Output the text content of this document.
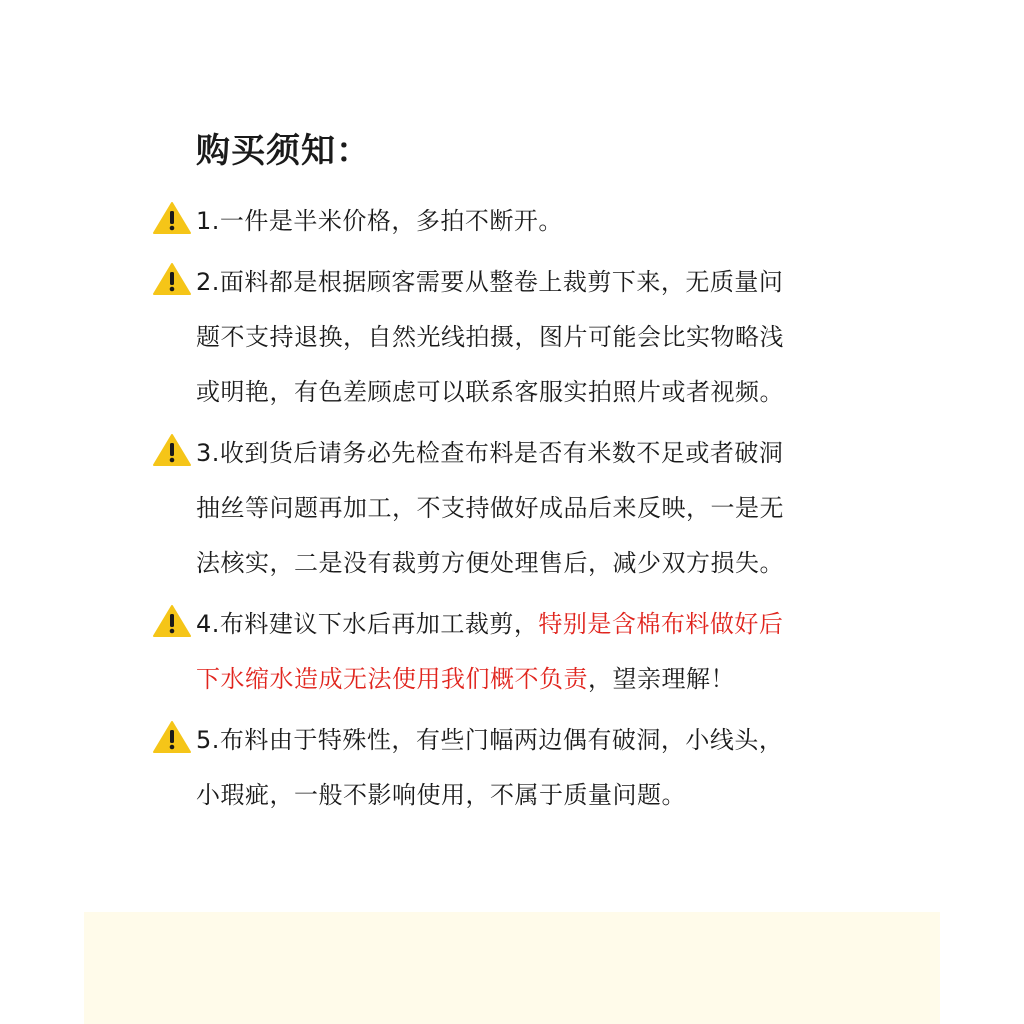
购买须知：
1.一件是半米价格，多拍不断开。
2.面料都是根据顾客需要从整卷上裁剪下来，无质量问
题不支持退换，自然光线拍摄，图片可能会比实物略浅
或明艳，有色差顾虑可以联系客服实拍照片或者视频。
3.收到货后请务必先检查布料是否有米数不足或者破洞
抽丝等问题再加工，不支持做好成品后来反映，一是无
法核实，二是没有裁剪方便处理售后，减少双方损失。
4.布料建议下水后再加工裁剪，特别是含棉布料做好后
下水缩水造成无法使用我们概不负责，望亲理解！
5.布料由于特殊性，有些门幅两边偶有破洞，小线头，
小瑕疵，一般不影响使用，不属于质量问题。
